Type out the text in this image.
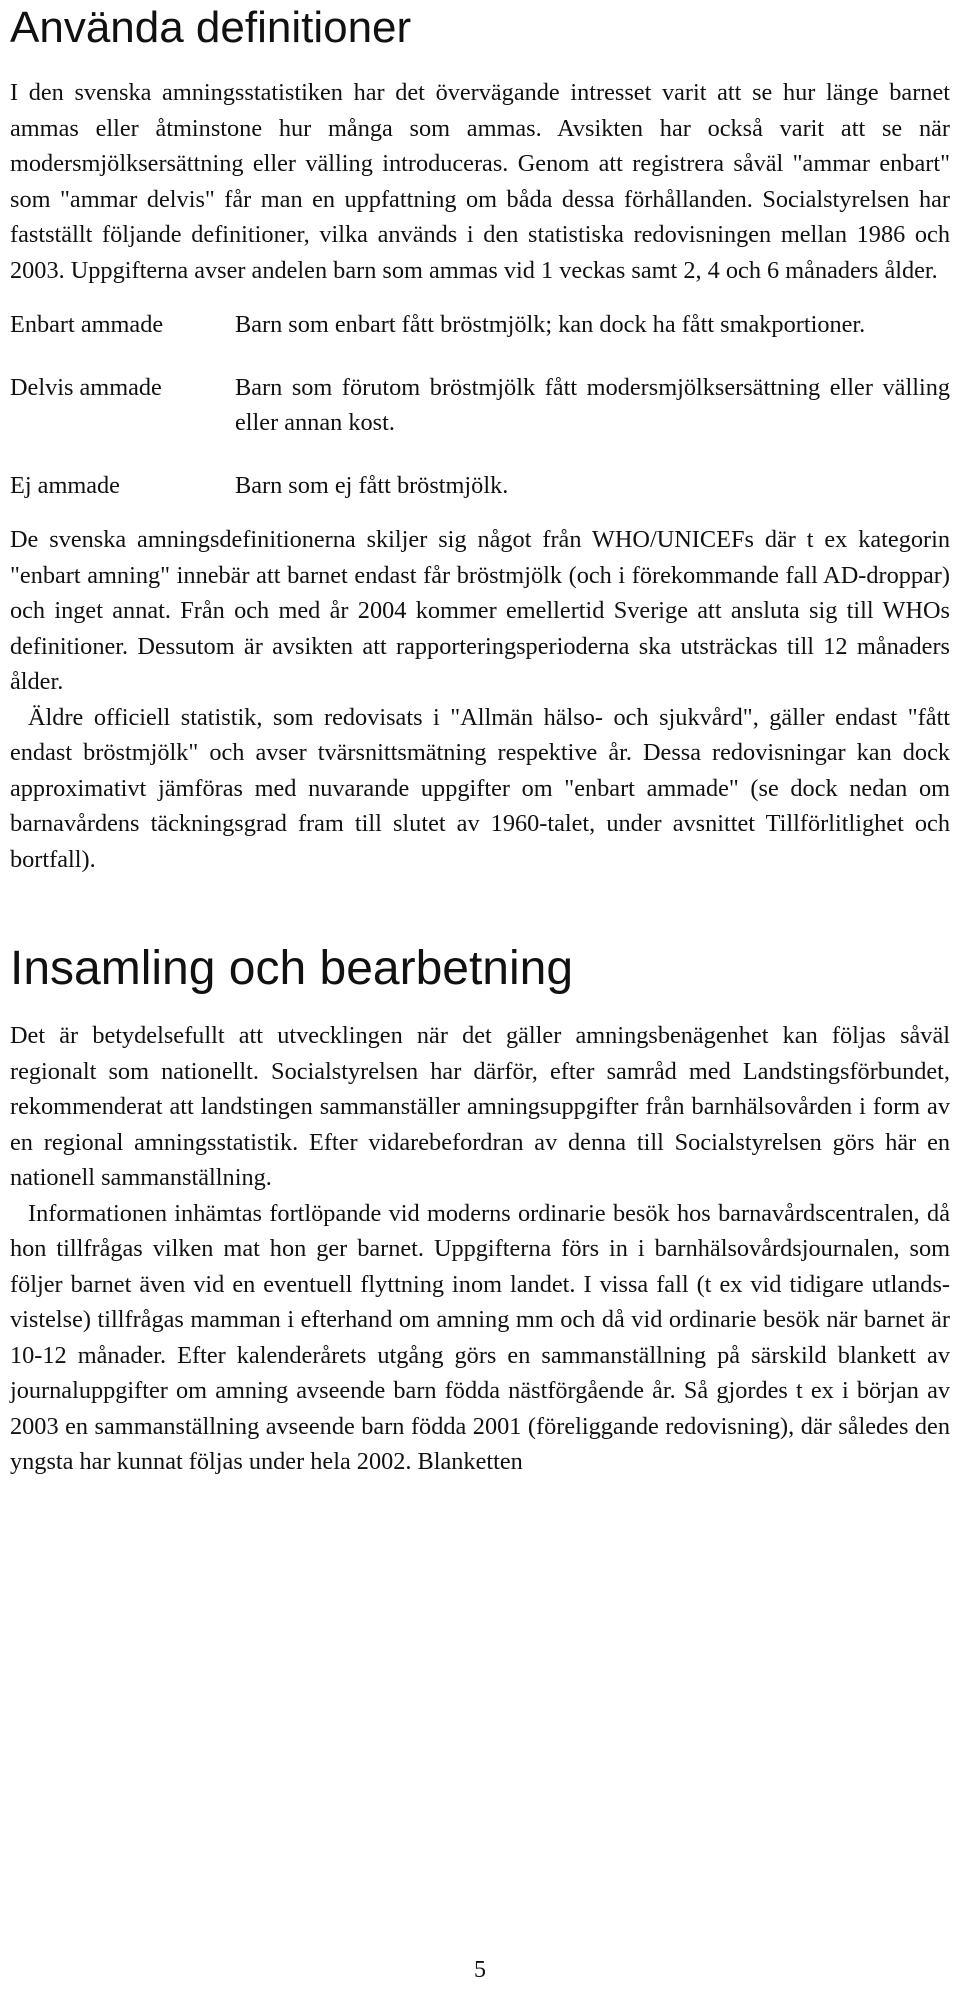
Använda definitioner

I den svenska amningsstatistiken har det övervägande intresset varit att se hur länge barnet ammas eller åtminstone hur många som ammas. Avsikten har också varit att se när modersmjölksersättning eller välling introduceras. Genom att registrera såväl "ammar enbart" som "ammar delvis" får man en uppfattning om båda dessa förhållanden. Socialstyrelsen har fastställt följande definitioner, vilka används i den statistiska redovisningen mellan 1986 och 2003. Uppgifterna avser andelen barn som ammas vid 1 veckas samt 2, 4 och 6 månaders ålder.

Enbart ammade	Barn som enbart fått bröstmjölk; kan dock ha fått smakportioner.
Delvis ammade	Barn som förutom bröstmjölk fått modersmjölksersättning eller välling eller annan kost.
Ej ammade	Barn som ej fått bröstmjölk.

De svenska amningsdefinitionerna skiljer sig något från WHO/UNICEFs där t ex kategorin "enbart amning" innebär att barnet endast får bröstmjölk (och i förekommande fall AD-droppar) och inget annat. Från och med år 2004 kommer emellertid Sverige att ansluta sig till WHOs definitioner. Dessutom är avsikten att rapporteringsperioderna ska utsträckas till 12 månaders ålder.

Äldre officiell statistik, som redovisats i "Allmän hälso- och sjukvård", gäller endast "fått endast bröstmjölk" och avser tvärsnittsmätning respektive år. Dessa redovisningar kan dock approximativt jämföras med nuvarande uppgifter om "enbart ammade" (se dock nedan om barnavårdens täckningsgrad fram till slutet av 1960-talet, under avsnittet Tillförlitlighet och bortfall).

Insamling och bearbetning

Det är betydelsefullt att utvecklingen när det gäller amningsbenägenhet kan följas såväl regionalt som nationellt. Socialstyrelsen har därför, efter samråd med Landstingsförbundet, rekommenderat att landstingen sammanställer amningsuppgifter från barnhälsovården i form av en regional amningsstatistik. Efter vidarebefordran av denna till Socialstyrelsen görs här en nationell sammanställning.

Informationen inhämtas fortlöpande vid moderns ordinarie besök hos barnavårdscentralen, då hon tillfrågas vilken mat hon ger barnet. Uppgifterna förs in i barnhälsovårdsjournalen, som följer barnet även vid en eventuell flyttning inom landet. I vissa fall (t ex vid tidigare utlandsvistelse) tillfrågas mamman i efterhand om amning mm och då vid ordinarie besök när barnet är 10-12 månader. Efter kalenderårets utgång görs en sammanställning på särskild blankett av journaluppgifter om amning avseende barn födda nästförgående år. Så gjordes t ex i början av 2003 en sammanställning avseende barn födda 2001 (föreliggande redovisning), där således den yngsta har kunnat följas under hela 2002. Blanketten

5
